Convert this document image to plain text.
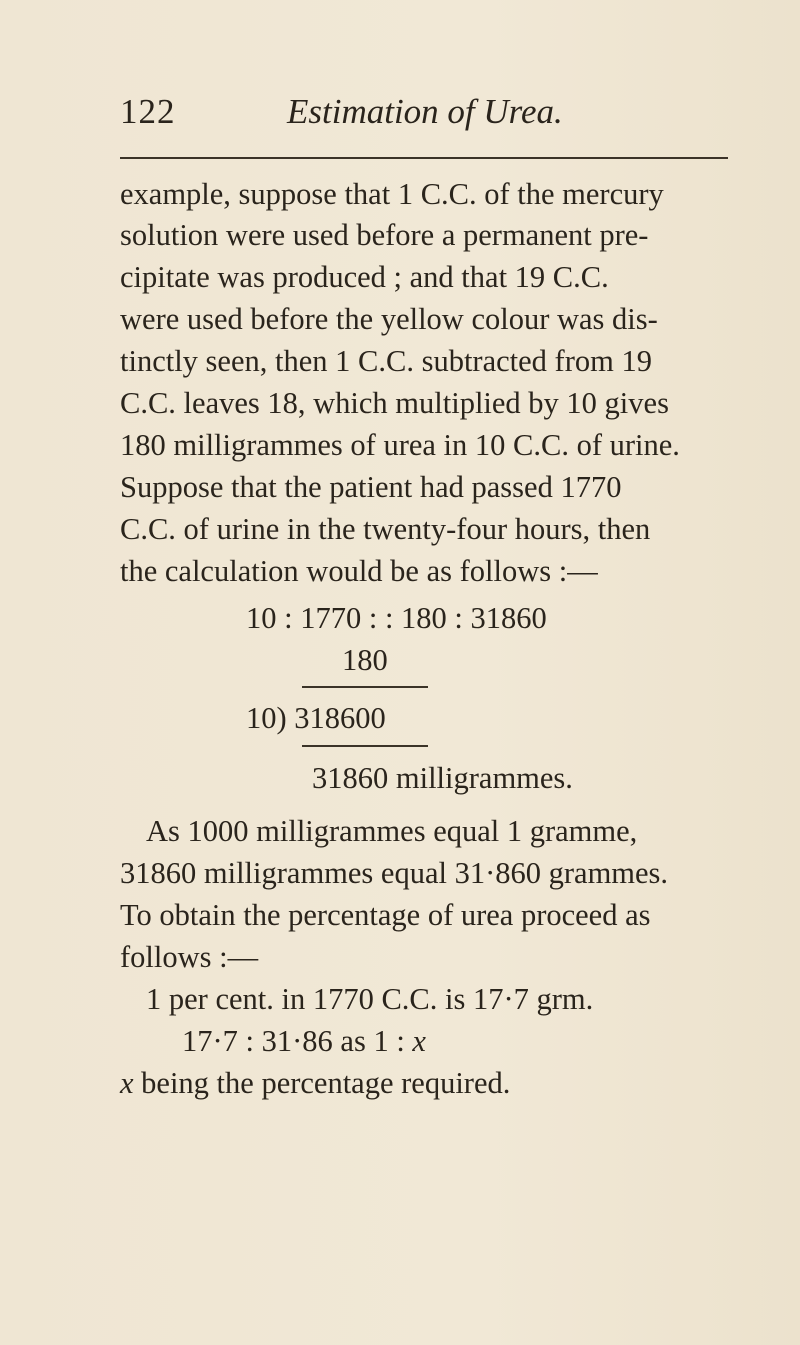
122	Estimation of Urea.
example, suppose that 1 C.C. of the mercury
solution were used before a permanent pre-
cipitate was produced ; and that 19 C.C.
were used before the yellow colour was dis-
tinctly seen, then 1 C.C. subtracted from 19
C.C. leaves 18, which multiplied by 10 gives
180 milligrammes of urea in 10 C.C. of urine.
Suppose that the patient had passed 1770
C.C. of urine in the twenty-four hours, then
the calculation would be as follows :—
10 : 1770 : : 180 : 31860
180
10) 318600
31860 milligrammes.
As 1000 milligrammes equal 1 gramme,
31860 milligrammes equal 31·860 grammes.
To obtain the percentage of urea proceed as
follows :—
1 per cent. in 1770 C.C. is 17·7 grm.
17·7 : 31·86 as 1 : x
x being the percentage required.
